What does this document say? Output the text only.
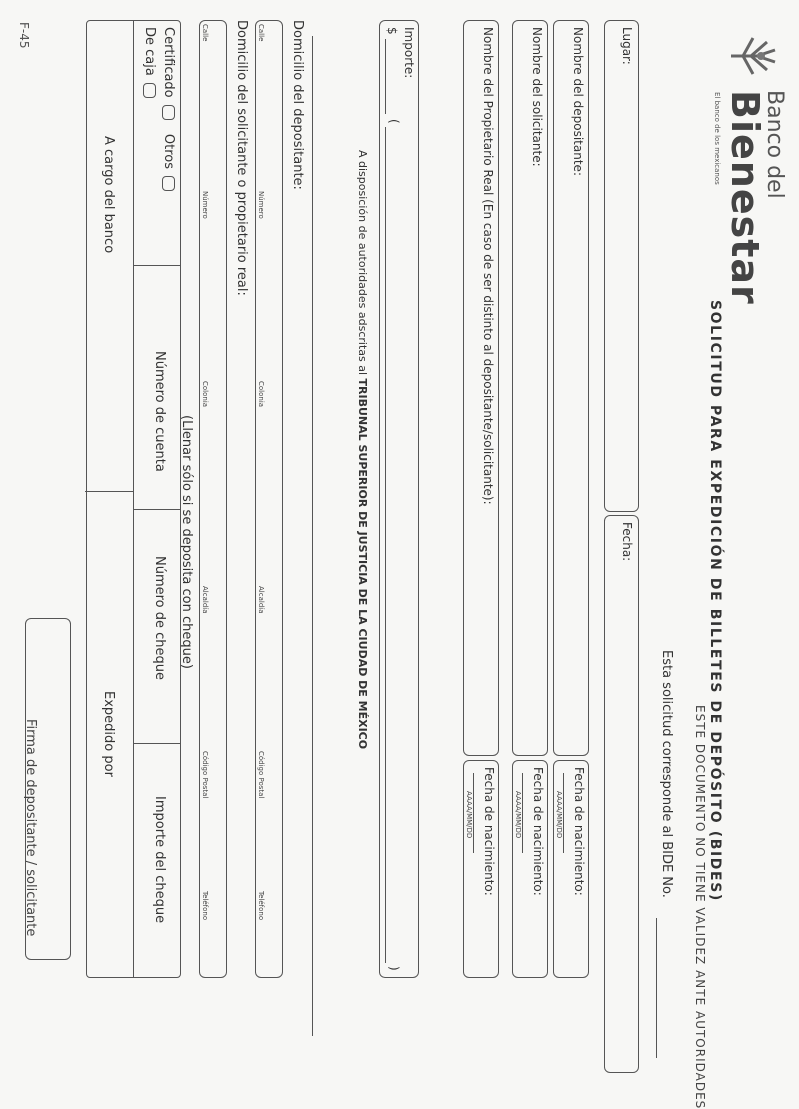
Banco del
Bienestar
El banco de los mexicanos
SOLICITUD PARA EXPEDICIÓN DE BILLETES DE DEPÓSITO (BIDES)
ESTE DOCUMENTO NO TIENE VALIDEZ ANTE AUTORIDADES
Esta solicitud corresponde al BIDE No.
Lugar:
Fecha:
Nombre del depositante:
Fecha de nacimiento:
AAAA/MM/DD
Nombre del solicitante:
Fecha de nacimiento:
AAAA/MM/DD
Nombre del Propietario Real (En caso de ser distinto al depositante/solicitante):
Fecha de nacimiento:
AAAA/MM/DD
Importe:
$
(
)
A disposición de autoridades adscritas al TRIBUNAL SUPERIOR DE JUSTICIA DE LA CIUDAD DE MÉXICO
Domicilio del depositante:
Calle
Número
Colonia
Alcaldía
Código Postal
Teléfono
Domicilio del solicitante o propietario real:
Calle
Número
Colonia
Alcaldía
Código Postal
Teléfono
(Llenar sólo si se deposita con cheque)
Certificado  Otros
De caja
Número de cuenta
Número de cheque
Importe del cheque
A cargo del banco
Expedido por
Firma de depositante / solicitante
F-45
